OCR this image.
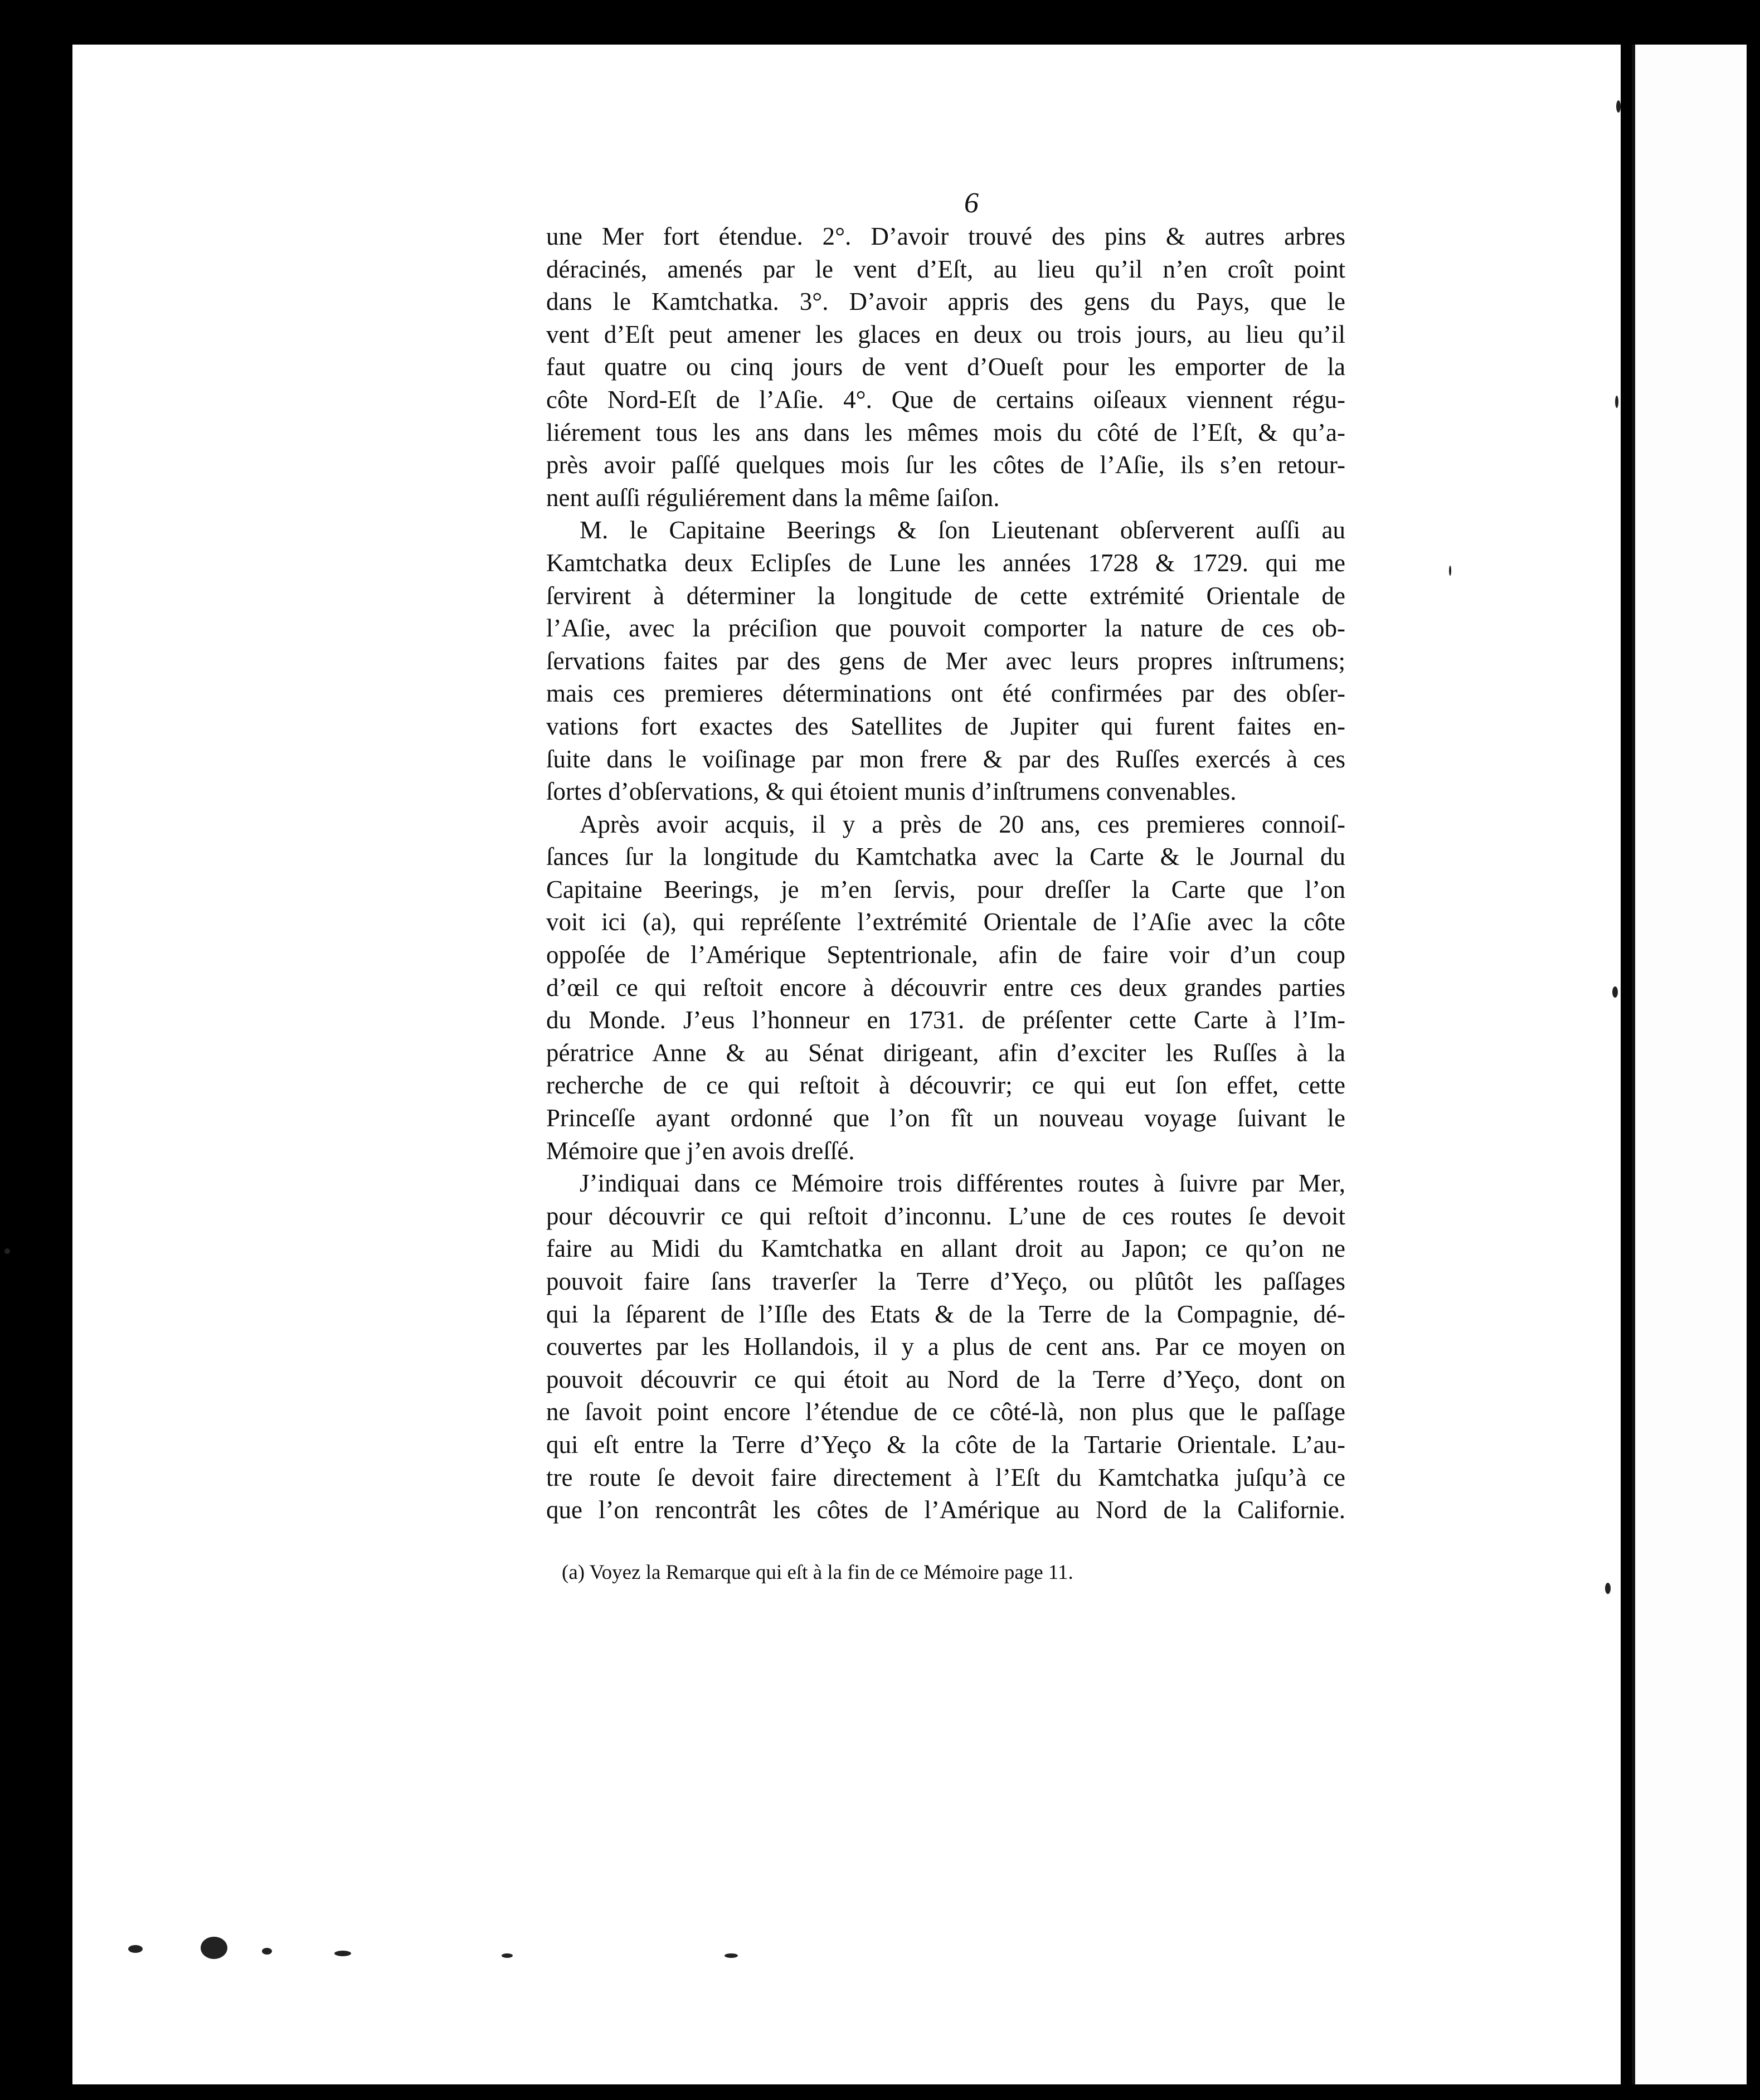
6
une Mer fort étendue. 2°. D’avoir trouvé des pins & autres arbres
déracinés, amenés par le vent d’Eſt, au lieu qu’il n’en croît point
dans le Kamtchatka. 3°. D’avoir appris des gens du Pays, que le
vent d’Eſt peut amener les glaces en deux ou trois jours, au lieu qu’il
faut quatre ou cinq jours de vent d’Oueſt pour les emporter de la
côte Nord-Eſt de l’Aſie. 4°. Que de certains oiſeaux viennent régu-
liérement tous les ans dans les mêmes mois du côté de l’Eſt, & qu’a-
près avoir paſſé quelques mois ſur les côtes de l’Aſie, ils s’en retour-
nent auſſi réguliérement dans la même ſaiſon.
M. le Capitaine Beerings & ſon Lieutenant obſerverent auſſi au
Kamtchatka deux Eclipſes de Lune les années 1728 & 1729. qui me
ſervirent à déterminer la longitude de cette extrémité Orientale de
l’Aſie, avec la préciſion que pouvoit comporter la nature de ces ob-
ſervations faites par des gens de Mer avec leurs propres inſtrumens;
mais ces premieres déterminations ont été confirmées par des obſer-
vations fort exactes des Satellites de Jupiter qui furent faites en-
ſuite dans le voiſinage par mon frere & par des Ruſſes exercés à ces
ſortes d’obſervations, & qui étoient munis d’inſtrumens convenables.
Après avoir acquis, il y a près de 20 ans, ces premieres connoiſ-
ſances ſur la longitude du Kamtchatka avec la Carte & le Journal du
Capitaine Beerings, je m’en ſervis, pour dreſſer la Carte que l’on
voit ici (a), qui repréſente l’extrémité Orientale de l’Aſie avec la côte
oppoſée de l’Amérique Septentrionale, afin de faire voir d’un coup
d’œil ce qui reſtoit encore à découvrir entre ces deux grandes parties
du Monde. J’eus l’honneur en 1731. de préſenter cette Carte à l’Im-
pératrice Anne & au Sénat dirigeant, afin d’exciter les Ruſſes à la
recherche de ce qui reſtoit à découvrir; ce qui eut ſon effet, cette
Princeſſe ayant ordonné que l’on fît un nouveau voyage ſuivant le
Mémoire que j’en avois dreſſé.
J’indiquai dans ce Mémoire trois différentes routes à ſuivre par Mer,
pour découvrir ce qui reſtoit d’inconnu. L’une de ces routes ſe devoit
faire au Midi du Kamtchatka en allant droit au Japon; ce qu’on ne
pouvoit faire ſans traverſer la Terre d’Yeço, ou plûtôt les paſſages
qui la ſéparent de l’Iſle des Etats & de la Terre de la Compagnie, dé-
couvertes par les Hollandois, il y a plus de cent ans. Par ce moyen on
pouvoit découvrir ce qui étoit au Nord de la Terre d’Yeço, dont on
ne ſavoit point encore l’étendue de ce côté-là, non plus que le paſſage
qui eſt entre la Terre d’Yeço & la côte de la Tartarie Orientale. L’au-
tre route ſe devoit faire directement à l’Eſt du Kamtchatka juſqu’à ce
que l’on rencontrât les côtes de l’Amérique au Nord de la Californie.
(a) Voyez la Remarque qui eſt à la fin de ce Mémoire page 11.
